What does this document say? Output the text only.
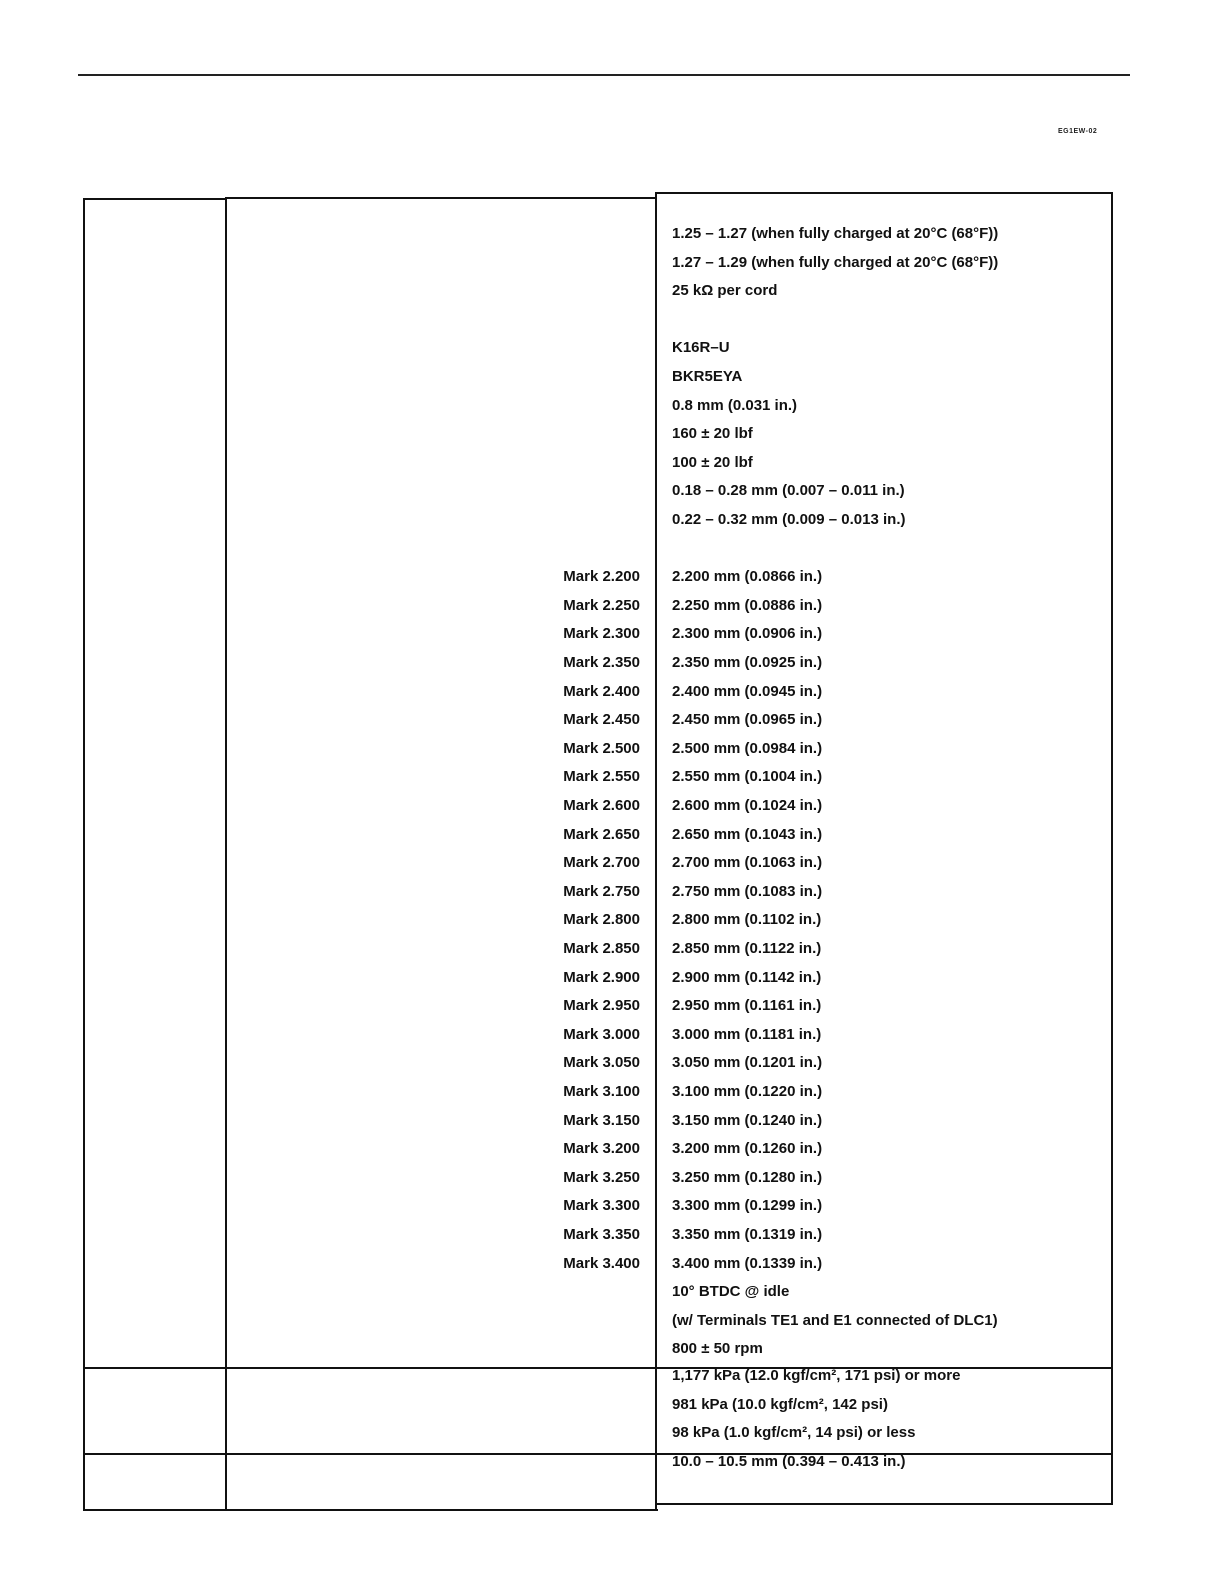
EG1EW-02
1.25 – 1.27 (when fully charged at 20°C (68°F))
1.27 – 1.29 (when fully charged at 20°C (68°F))
25 kΩ per cord
K16R–U
BKR5EYA
0.8 mm (0.031 in.)
160 ± 20 lbf
100 ± 20 lbf
0.18 – 0.28 mm (0.007 – 0.011 in.)
0.22 – 0.32 mm (0.009 – 0.013 in.)
Mark 2.200 2.200 mm (0.0866 in.)
Mark 2.250 2.250 mm (0.0886 in.)
Mark 2.300 2.300 mm (0.0906 in.)
Mark 2.350 2.350 mm (0.0925 in.)
Mark 2.400 2.400 mm (0.0945 in.)
Mark 2.450 2.450 mm (0.0965 in.)
Mark 2.500 2.500 mm (0.0984 in.)
Mark 2.550 2.550 mm (0.1004 in.)
Mark 2.600 2.600 mm (0.1024 in.)
Mark 2.650 2.650 mm (0.1043 in.)
Mark 2.700 2.700 mm (0.1063 in.)
Mark 2.750 2.750 mm (0.1083 in.)
Mark 2.800 2.800 mm (0.1102 in.)
Mark 2.850 2.850 mm (0.1122 in.)
Mark 2.900 2.900 mm (0.1142 in.)
Mark 2.950 2.950 mm (0.1161 in.)
Mark 3.000 3.000 mm (0.1181 in.)
Mark 3.050 3.050 mm (0.1201 in.)
Mark 3.100 3.100 mm (0.1220 in.)
Mark 3.150 3.150 mm (0.1240 in.)
Mark 3.200 3.200 mm (0.1260 in.)
Mark 3.250 3.250 mm (0.1280 in.)
Mark 3.300 3.300 mm (0.1299 in.)
Mark 3.350 3.350 mm (0.1319 in.)
Mark 3.400 3.400 mm (0.1339 in.)
10° BTDC @ idle
(w/ Terminals TE1 and E1 connected of DLC1)
800 ± 50 rpm
1,177 kPa (12.0 kgf/cm², 171 psi) or more
981 kPa (10.0 kgf/cm², 142 psi)
98 kPa (1.0 kgf/cm², 14 psi) or less
10.0 – 10.5 mm (0.394 – 0.413 in.)
